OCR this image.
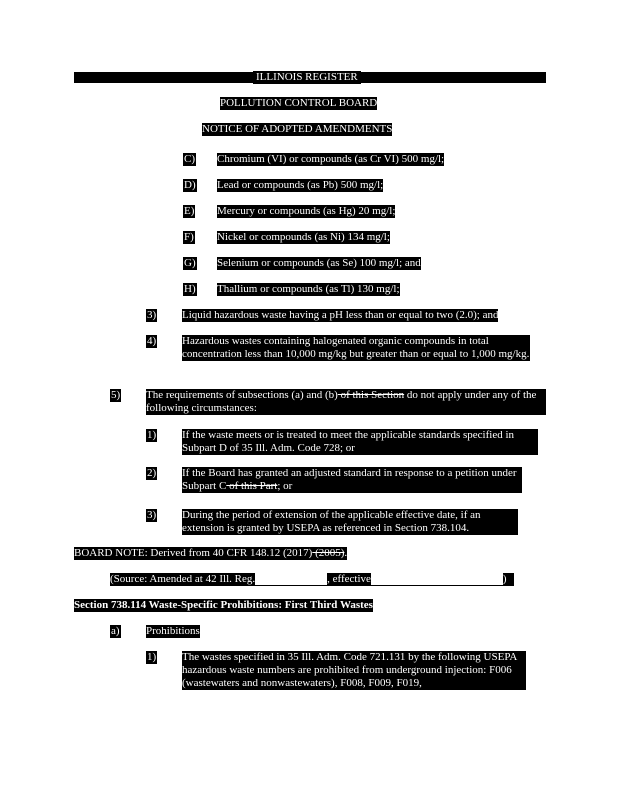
ILLINOIS REGISTER
POLLUTION CONTROL BOARD
NOTICE OF ADOPTED AMENDMENTS
C) Chromium (VI) or compounds (as Cr VI) 500 mg/l;
D) Lead or compounds (as Pb) 500 mg/l;
E) Mercury or compounds (as Hg) 20 mg/l;
F) Nickel or compounds (as Ni) 134 mg/l;
G) Selenium or compounds (as Se) 100 mg/l; and
H) Thallium or compounds (as Tl) 130 mg/l;
3) Liquid hazardous waste having a pH less than or equal to two (2.0); and
4) Hazardous wastes containing halogenated organic compounds in total concentration less than 10,000 mg/kg but greater than or equal to 1,000 mg/kg.
5) The requirements of subsections (a) and (b) of this Section do not apply under any of the following circumstances:
1) If the waste meets or is treated to meet the applicable standards specified in Subpart D of 35 Ill. Adm. Code 728; or
2) If the Board has granted an adjusted standard in response to a petition under Subpart C of this Part; or
3) During the period of extension of the applicable effective date, if an extension is granted by USEPA as referenced in Section 738.104.
BOARD NOTE: Derived from 40 CFR 148.12 (2017) (2005).
(Source: Amended at 42 Ill. Reg.	, effective	)
Section 738.114 Waste-Specific Prohibitions: First Third Wastes
a) Prohibitions
1) The wastes specified in 35 Ill. Adm. Code 721.131 by the following USEPA hazardous waste numbers are prohibited from underground injection: F006 (wastewaters and nonwastewaters), F008, F009, F019,
